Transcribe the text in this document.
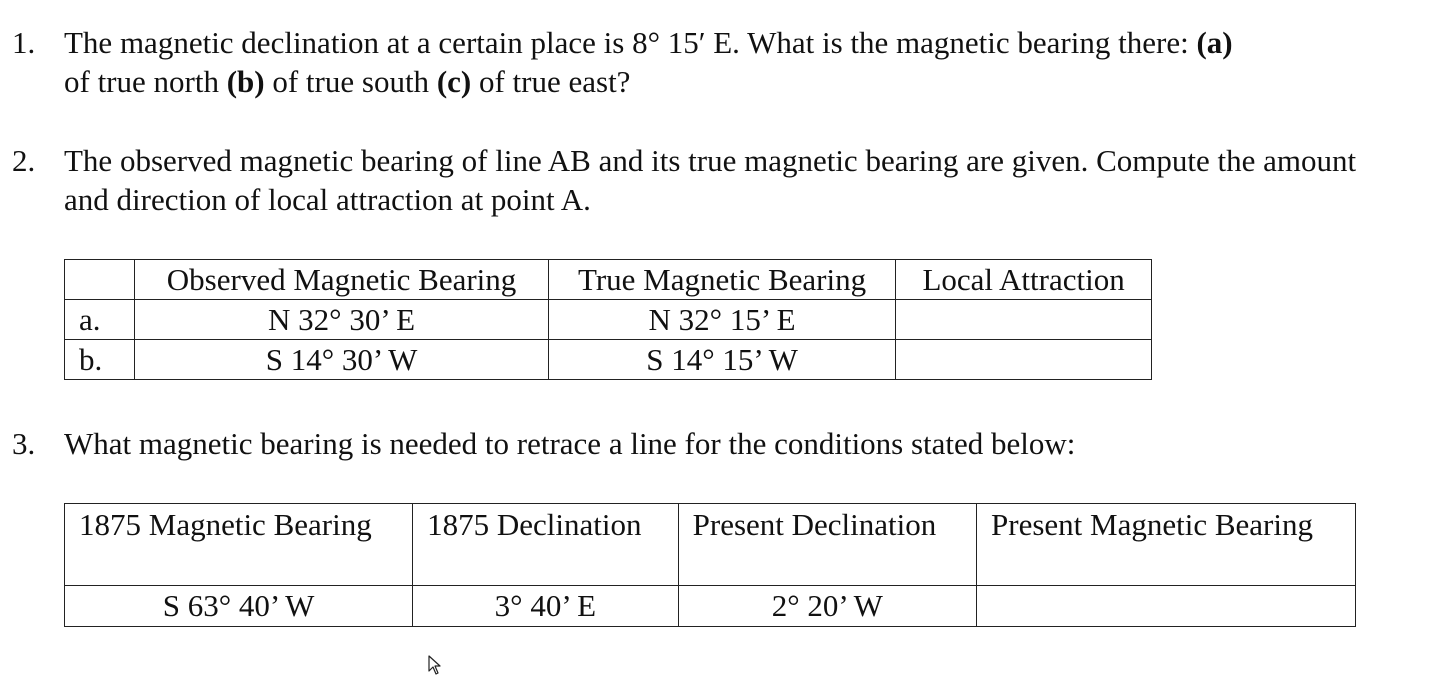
1. The magnetic declination at a certain place is 8° 15′ E. What is the magnetic bearing there: (a)
of true north (b) of true south (c) of true east?
2. The observed magnetic bearing of line AB and its true magnetic bearing are given. Compute the amount and direction of local attraction at point A.
	Observed Magnetic Bearing	True Magnetic Bearing	Local Attraction
a.	N 32° 30’ E	N 32° 15’ E	
b.	S 14° 30’ W	S 14° 15’ W	
3. What magnetic bearing is needed to retrace a line for the conditions stated below:
1875 Magnetic Bearing	1875 Declination	Present Declination	Present Magnetic Bearing
S 63° 40’ W	3° 40’ E	2° 20’ W	
